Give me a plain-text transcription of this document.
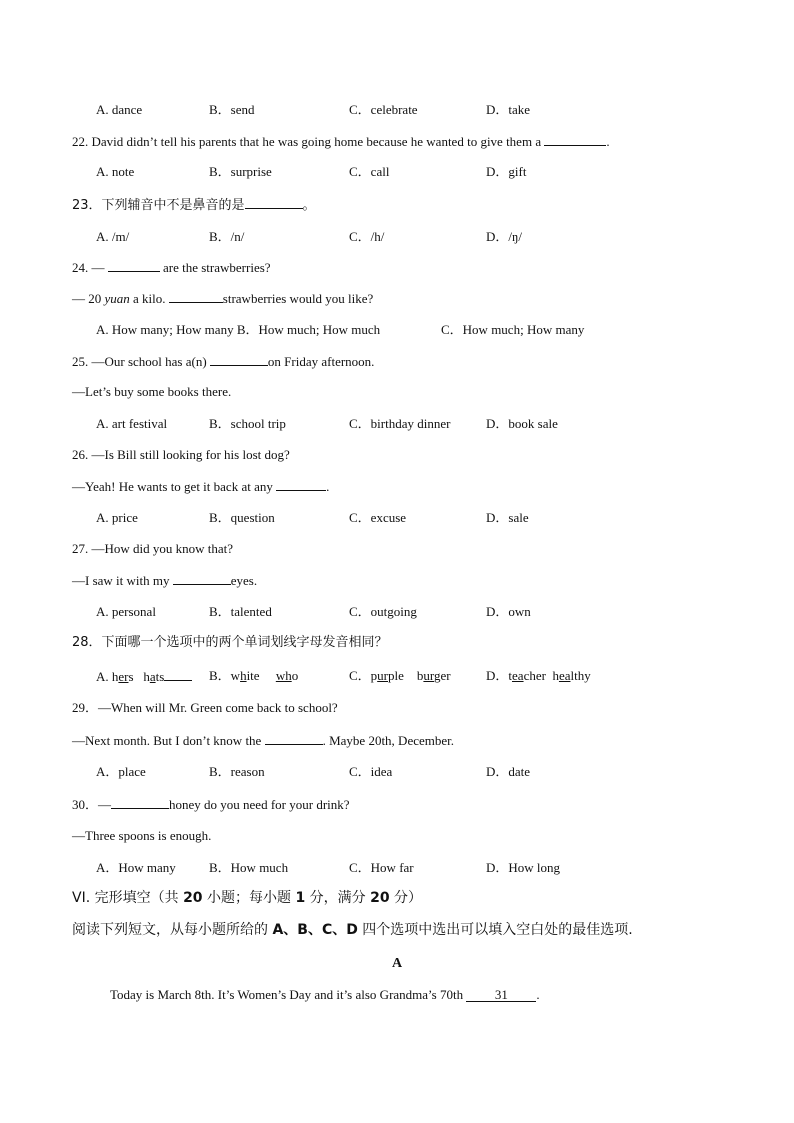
A. dance	B．send	C．celebrate	D．take
22. David didn’t tell his parents that he was going home because he wanted to give them a	.
A. note	B．surprise	C．call	D．gift
23．下列辅音中不是鼻音的是	。
A. /m/	B．/n/	C．/h/	D．/ŋ/
24. —	are the strawberries?
— 20 yuan a kilo.	strawberries would you like?
A. How many; How many B．How much; How much	C．How much; How many
25. —Our school has a(n)	on Friday afternoon.
—Let’s buy some books there.
A. art festival	B．school trip	C．birthday dinner	D．book sale
26. —Is Bill still looking for his lost dog?
—Yeah! He wants to get it back at any	.
A. price	B．question	C．excuse	D．sale
27. —How did you know that?
—I saw it with my	eyes.
A. personal	B．talented	C．outgoing	D．own
28．下面哪一个选项中的两个单词划线字母发音相同？
A. hers hats	B．white who	C．purple burger	D．teacher healthy
29．—When will Mr. Green come back to school?
—Next month. But I don’t know the	. Maybe 20th, December.
A．place	B．reason	C．idea	D．date
30．—	honey do you need for your drink?
—Three spoons is enough.
A．How many	B．How much	C．How far	D．How long
VI. 完形填空（共 20 小题；每小题 1 分，满分 20 分）
阅读下列短文，从每小题所给的 A、B、C、D 四个选项中选出可以填入空白处的最佳选项.
A
Today is March 8th. It’s Women’s Day and it’s also Grandma’s 70th 31 .
